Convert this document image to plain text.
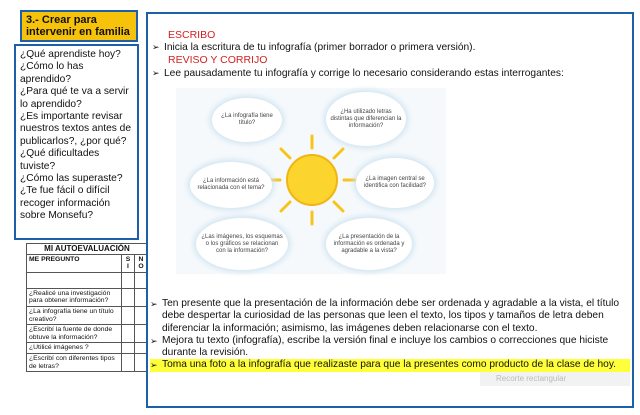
3.- Crear para
intervenir en familia
¿Qué aprendiste hoy?
¿Cómo lo has aprendido?
¿Para qué te va a servir lo aprendido?
¿Es importante revisar nuestros textos antes de publicarlos?, ¿por qué?
¿Qué dificultades tuviste?
¿Cómo las superaste?
¿Te fue fácil o difícil recoger información sobre Monsefu?
MI AUTOEVALUACIÓN		
ME PREGUNTO	S I	N O

¿Realicé una investigación para obtener información?		
¿La infografía tiene un título creativo?		
¿Escribí la fuente de donde obtuve la información?		
¿Utilicé imágenes ?		
¿Escribí con diferentes tipos de letras?		
ESCRIBO
➢ Inicia la escritura de tu infografía (primer borrador o primera versión).
REVISO Y CORRIJO
➢ Lee pausadamente tu infografía y corrige lo necesario considerando estas interrogantes:
¿La infografía tiene título?
¿Ha utilizado letras distintas que diferencian la información?
¿La información está relacionada con el tema?
¿La imagen central se identifica con facilidad?
¿Las imágenes, los esquemas o los gráficos se relacionan con la información?
¿La presentación de la información es ordenada y agradable a la vista?
➢ Ten presente que la presentación de la información debe ser ordenada y agradable a la vista, el título debe despertar la curiosidad de las personas que leen el texto, los tipos y tamaños de letra deben diferenciar la información; asimismo, las imágenes deben relacionarse con el texto.
➢ Mejora tu texto (infografía), escribe la versión final e incluye los cambios o correcciones que hiciste durante la revisión.
➢ Toma una foto a la infografía que realizaste para que la presentes como producto de la clase de hoy.
Recorte rectangular
